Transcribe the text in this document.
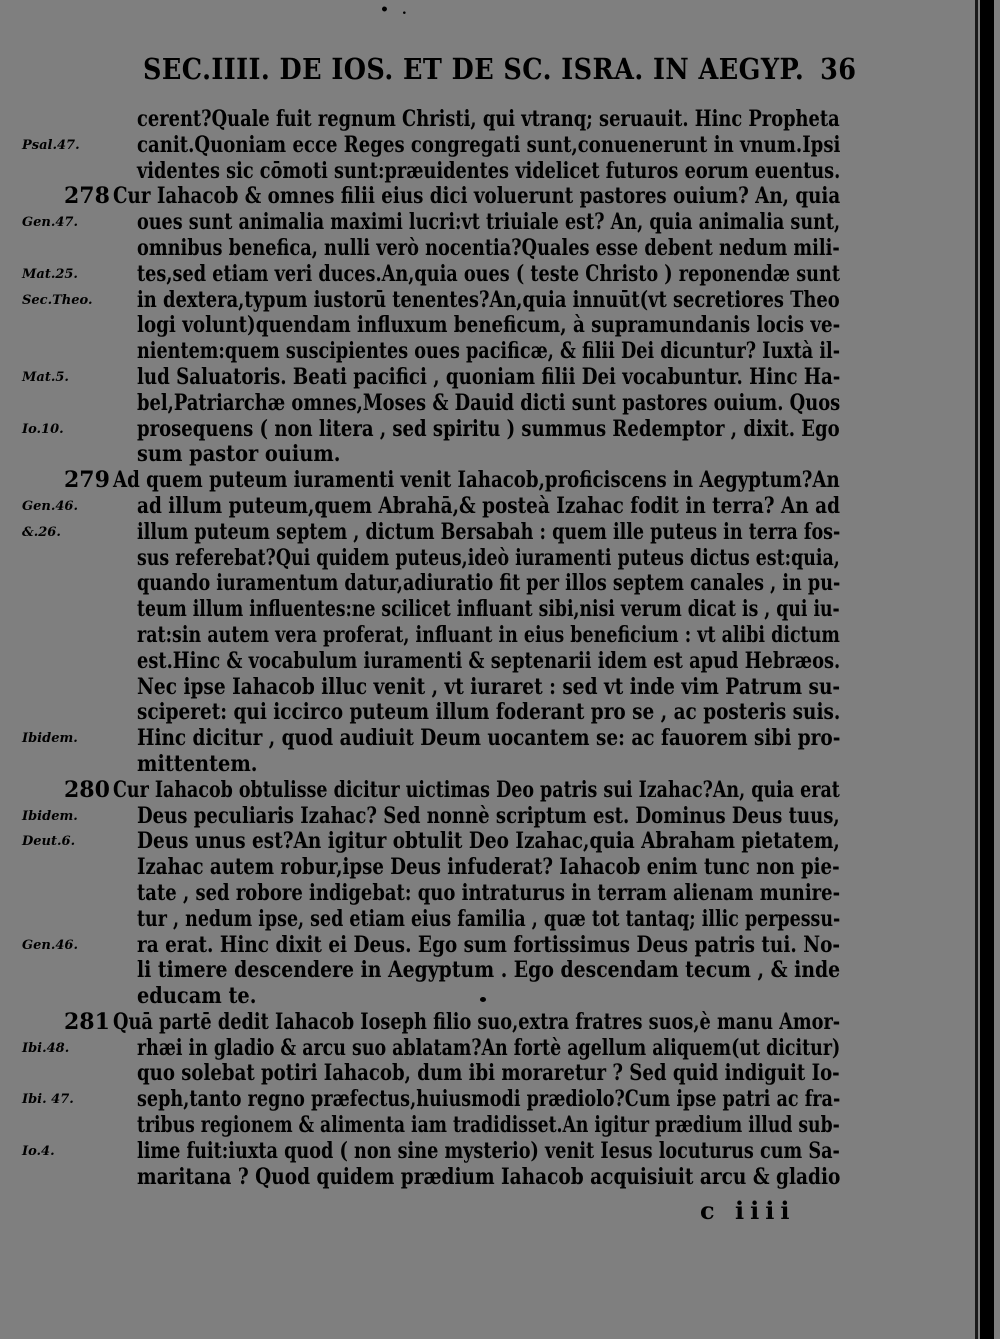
• .
SEC.IIII. DE IOS. ET DE SC. ISRA. IN AEGYP. 36
cerent?Quale fuit regnum Christi, qui vtranq; seruauit. Hinc Propheta
Psal.47.	canit.Quoniam ecce Reges congregati sunt,conuenerunt in vnum.Ipsi
videntes sic cōmoti sunt:præuidentes videlicet futuros eorum euentus.
278 Cur Iahacob & omnes filii eius dici voluerunt pastores ouium? An, quia
Gen.47.	oues sunt animalia maximi lucri:vt triuiale est? An, quia animalia sunt,
omnibus benefica, nulli verò nocentia?Quales esse debent nedum mili-
Mat.25.	tes,sed etiam veri duces.An,quia oues ( teste Christo ) reponendæ sunt
Sec.Theo. in dextera,typum iustorū tenentes?An,quia innuūt(vt secretiores Theo
logi volunt)quendam influxum beneficum, à supramundanis locis ve-
nientem:quem suscipientes oues pacificæ, & filii Dei dicuntur? Iuxtà il-
Mat.5.	lud Saluatoris. Beati pacifici , quoniam filii Dei vocabuntur. Hinc Ha-
bel,Patriarchæ omnes,Moses & Dauid dicti sunt pastores ouium. Quos
Io.10.	prosequens ( non litera , sed spiritu ) summus Redemptor , dixit. Ego
sum pastor ouium.
279 Ad quem puteum iuramenti venit Iahacob,proficiscens in Aegyptum?An
Gen.46.	ad illum puteum,quem Abrahā,& posteà Izahac fodit in terra? An ad
&.26.	illum puteum septem , dictum Bersabah : quem ille puteus in terra fos-
sus referebat?Qui quidem puteus,ideò iuramenti puteus dictus est:quia,
quando iuramentum datur,adiuratio fit per illos septem canales , in pu-
teum illum influentes:ne scilicet influant sibi,nisi verum dicat is , qui iu-
rat:sin autem vera proferat, influant in eius beneficium : vt alibi dictum
est.Hinc & vocabulum iuramenti & septenarii idem est apud Hebræos.
Nec ipse Iahacob illuc venit , vt iuraret : sed vt inde vim Patrum su-
sciperet: qui iccirco puteum illum foderant pro se , ac posteris suis.
Ibidem.	Hinc dicitur , quod audiuit Deum uocantem se: ac fauorem sibi pro-
mittentem.
280 Cur Iahacob obtulisse dicitur uictimas Deo patris sui Izahac?An, quia erat
Ibidem.	Deus peculiaris Izahac? Sed nonnè scriptum est. Dominus Deus tuus,
Deut.6.	Deus unus est?An igitur obtulit Deo Izahac,quia Abraham pietatem,
Izahac autem robur,ipse Deus infuderat? Iahacob enim tunc non pie-
tate , sed robore indigebat: quo intraturus in terram alienam munire-
tur , nedum ipse, sed etiam eius familia , quæ tot tantaq; illic perpessu-
Gen.46.	ra erat. Hinc dixit ei Deus. Ego sum fortissimus Deus patris tui. No-
li timere descendere in Aegyptum . Ego descendam tecum , & inde
educam te.
281 Quā partē dedit Iahacob Ioseph filio suo,extra fratres suos,è manu Amor-
Ibi.48.	rhæi in gladio & arcu suo ablatam?An fortè agellum aliquem(ut dicitur)
quo solebat potiri Iahacob, dum ibi moraretur ? Sed quid indiguit Io-
Ibi. 47.	seph,tanto regno præfectus,huiusmodi prædiolo?Cum ipse patri ac fra-
tribus regionem & alimenta iam tradidisset.An igitur prædium illud sub-
Io.4.	lime fuit:iuxta quod ( non sine mysterio) venit Iesus locuturus cum Sa-
maritana ? Quod quidem prædium Iahacob acquisiuit arcu & gladio
c iiii
